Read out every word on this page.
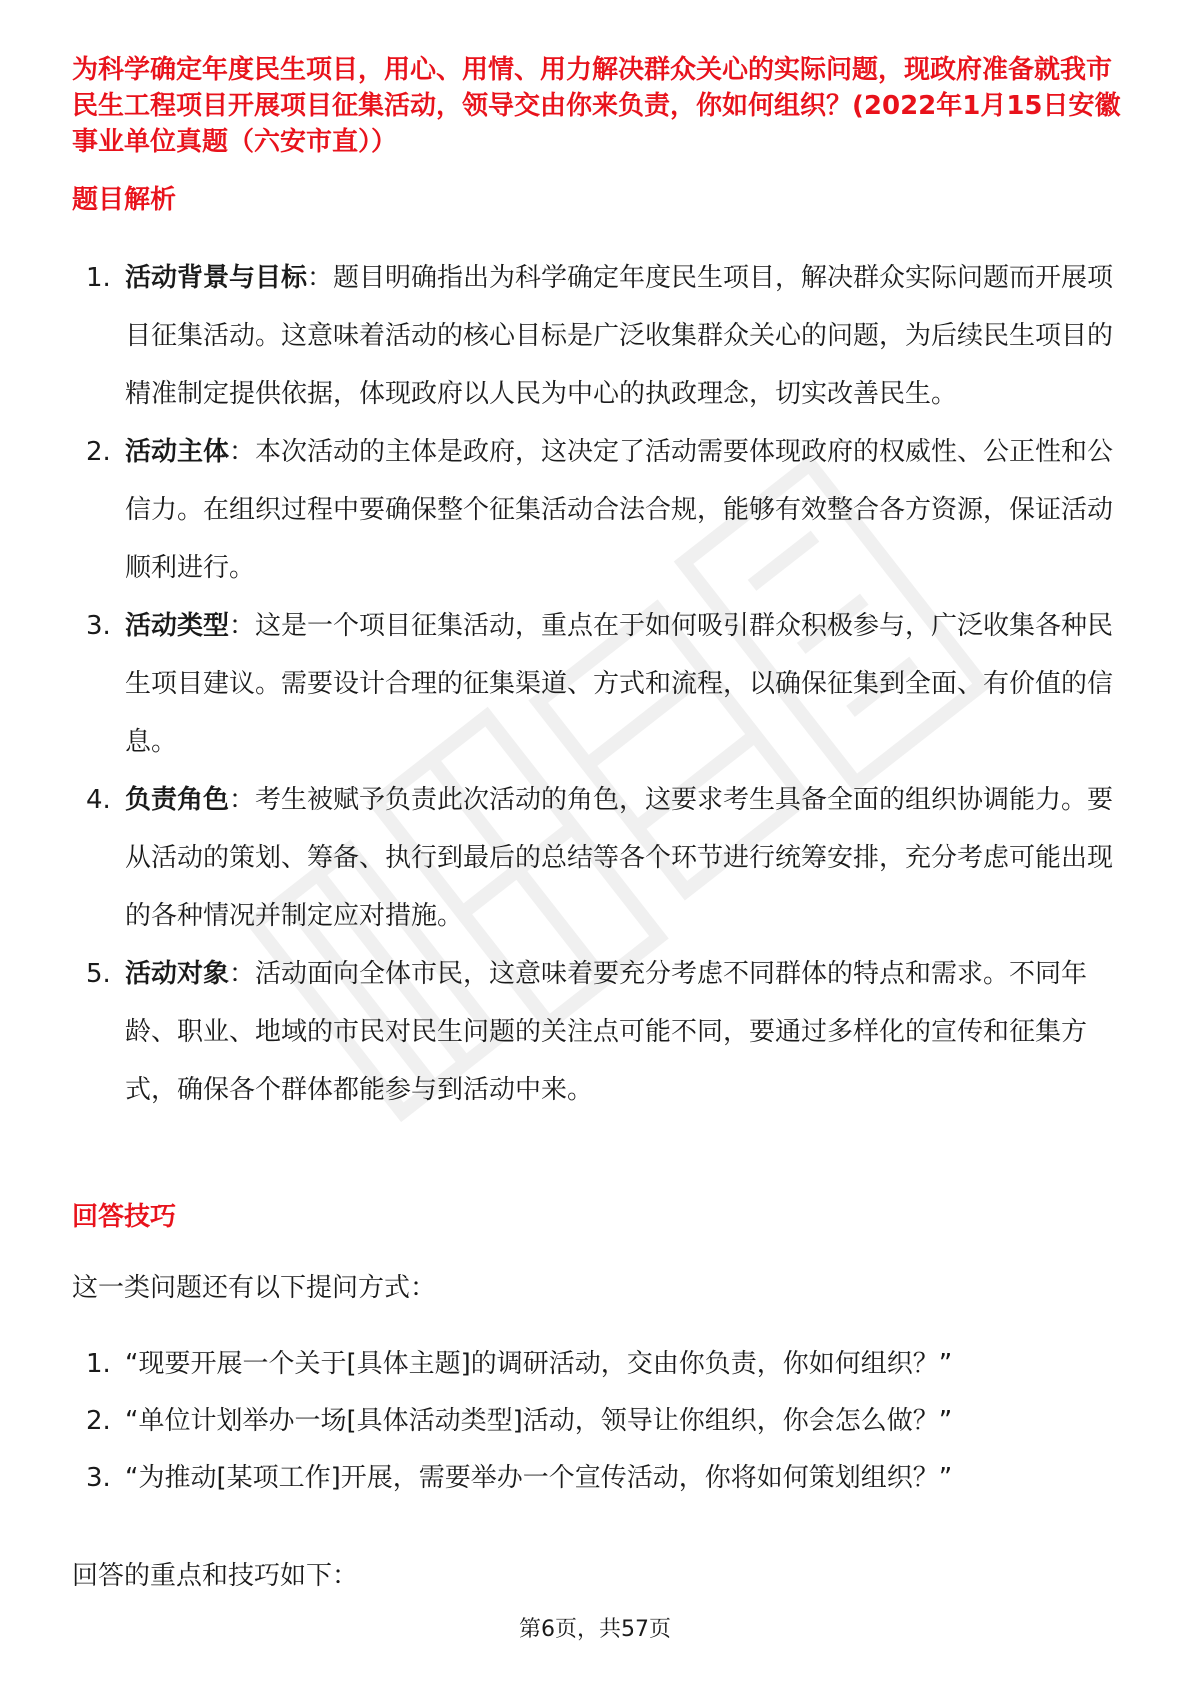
为科学确定年度民生项目，用心、用情、用力解决群众关心的实际问题，现政府准备就我市民生工程项目开展项目征集活动，领导交由你来负责，你如何组织？(2022年1月15日安徽事业单位真题（六安市直））

题目解析
1. 活动背景与目标：题目明确指出为科学确定年度民生项目，解决群众实际问题而开展项目征集活动。这意味着活动的核心目标是广泛收集群众关心的问题，为后续民生项目的精准制定提供依据，体现政府以人民为中心的执政理念，切实改善民生。
2. 活动主体：本次活动的主体是政府，这决定了活动需要体现政府的权威性、公正性和公信力。在组织过程中要确保整个征集活动合法合规，能够有效整合各方资源，保证活动顺利进行。
3. 活动类型：这是一个项目征集活动，重点在于如何吸引群众积极参与，广泛收集各种民生项目建议。需要设计合理的征集渠道、方式和流程，以确保征集到全面、有价值的信息。
4. 负责角色：考生被赋予负责此次活动的角色，这要求考生具备全面的组织协调能力。要从活动的策划、筹备、执行到最后的总结等各个环节进行统筹安排，充分考虑可能出现的各种情况并制定应对措施。
5. 活动对象：活动面向全体市民，这意味着要充分考虑不同群体的特点和需求。不同年龄、职业、地域的市民对民生问题的关注点可能不同，要通过多样化的宣传和征集方式，确保各个群体都能参与到活动中来。
回答技巧

这一类问题还有以下提问方式：

1. “现要开展一个关于[具体主题]的调研活动，交由你负责，你如何组织？”
2. “单位计划举办一场[具体活动类型]活动，领导让你组织，你会怎么做？”
3. “为推动[某项工作]开展，需要举办一个宣传活动，你将如何策划组织？”

回答的重点和技巧如下：

第6页，共57页
